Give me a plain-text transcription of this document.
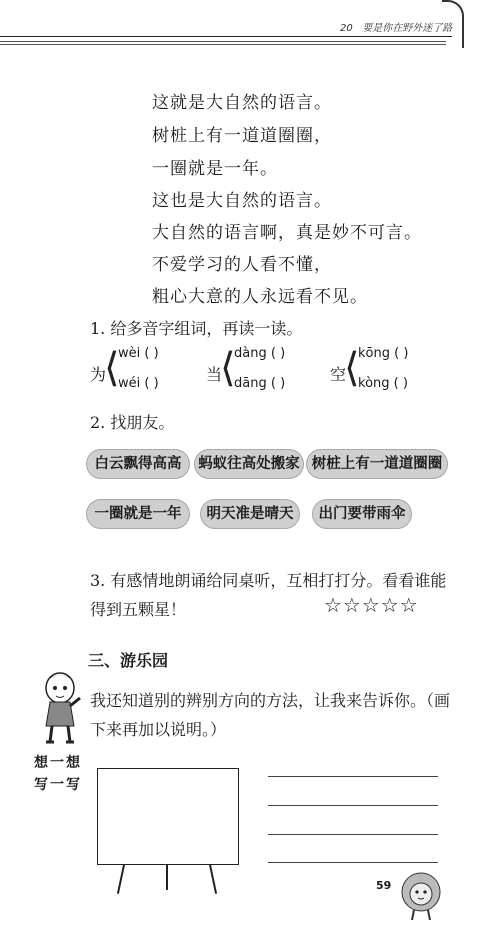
20 要是你在野外迷了路
这就是大自然的语言。
树桩上有一道道圈圈，
一圈就是一年。
这也是大自然的语言。
大自然的语言啊，真是妙不可言。
不爱学习的人看不懂，
粗心大意的人永远看不见。
1. 给多音字组词，再读一读。
为
⟨
wèi ( )
wéi ( )	当
⟨
dàng ( )
dāng ( )	空
⟨
kōng ( )
kòng ( )
2. 找朋友。
白云飘得高高	蚂蚁往高处搬家 树桩上有一道道圈圈
一圈就是一年	明天准是晴天	出门要带雨伞
3. 有感情地朗诵给同桌听，互相打打分。看看谁能
得到五颗星！	☆☆☆☆☆
三、游乐园
我还知道别的辨别方向的方法，让我来告诉你。（画
下来再加以说明。）
想一想
写一写
59
